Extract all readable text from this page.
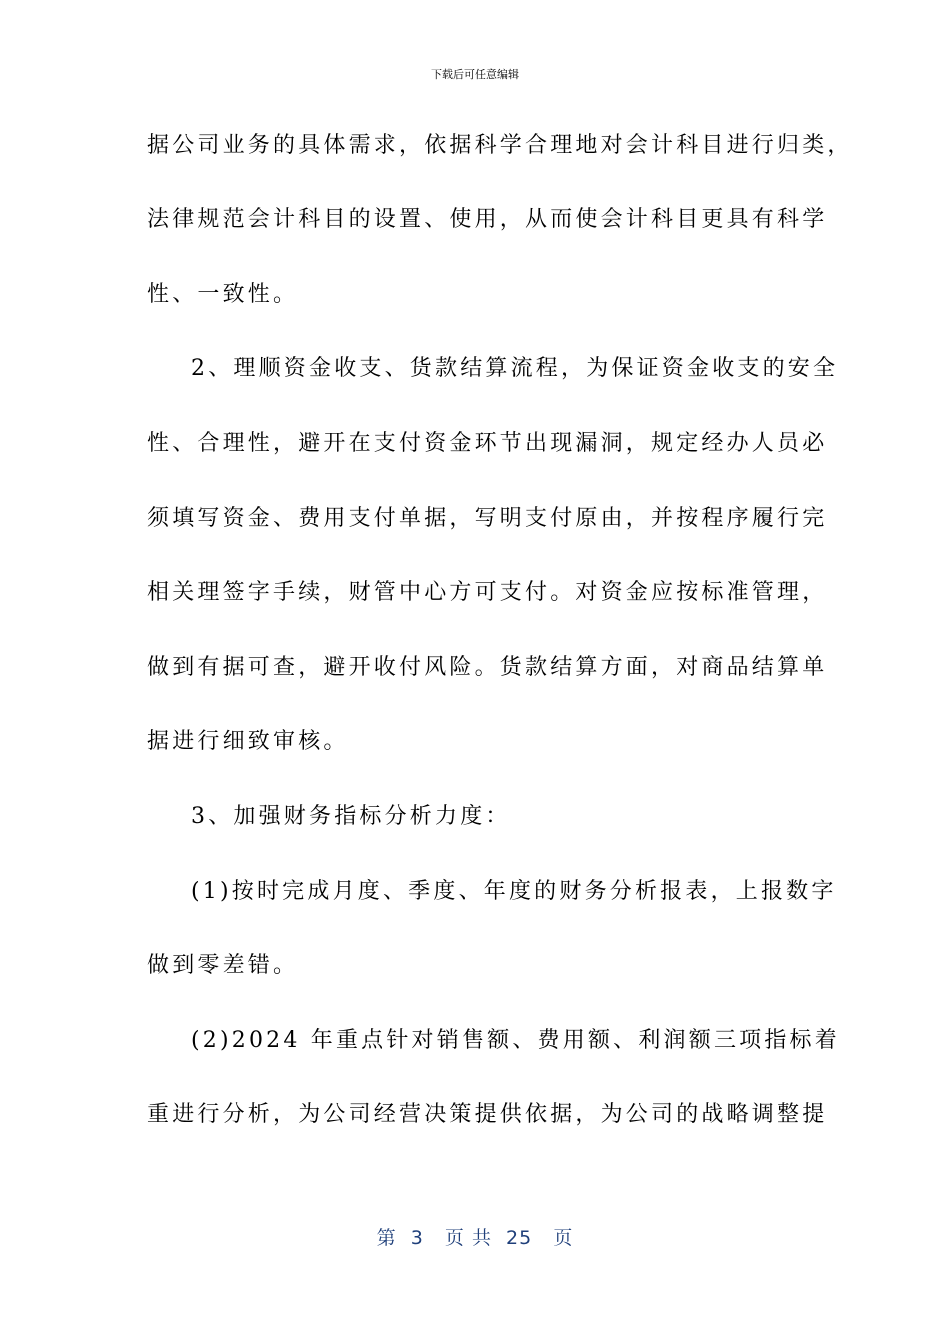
下载后可任意编辑
据公司业务的具体需求，依据科学合理地对会计科目进行归类，
法律规范会计科目的设置、使用，从而使会计科目更具有科学
性、一致性。
2、理顺资金收支、货款结算流程，为保证资金收支的安全
性、合理性，避开在支付资金环节出现漏洞，规定经办人员必
须填写资金、费用支付单据，写明支付原由，并按程序履行完
相关理签字手续，财管中心方可支付。对资金应按标准管理，
做到有据可查，避开收付风险。货款结算方面，对商品结算单
据进行细致审核。
3、加强财务指标分析力度：
(1)按时完成月度、季度、年度的财务分析报表，上报数字
做到零差错。
(2)2024 年重点针对销售额、费用额、利润额三项指标着
重进行分析，为公司经营决策提供依据，为公司的战略调整提
第  3   页 共  25   页
